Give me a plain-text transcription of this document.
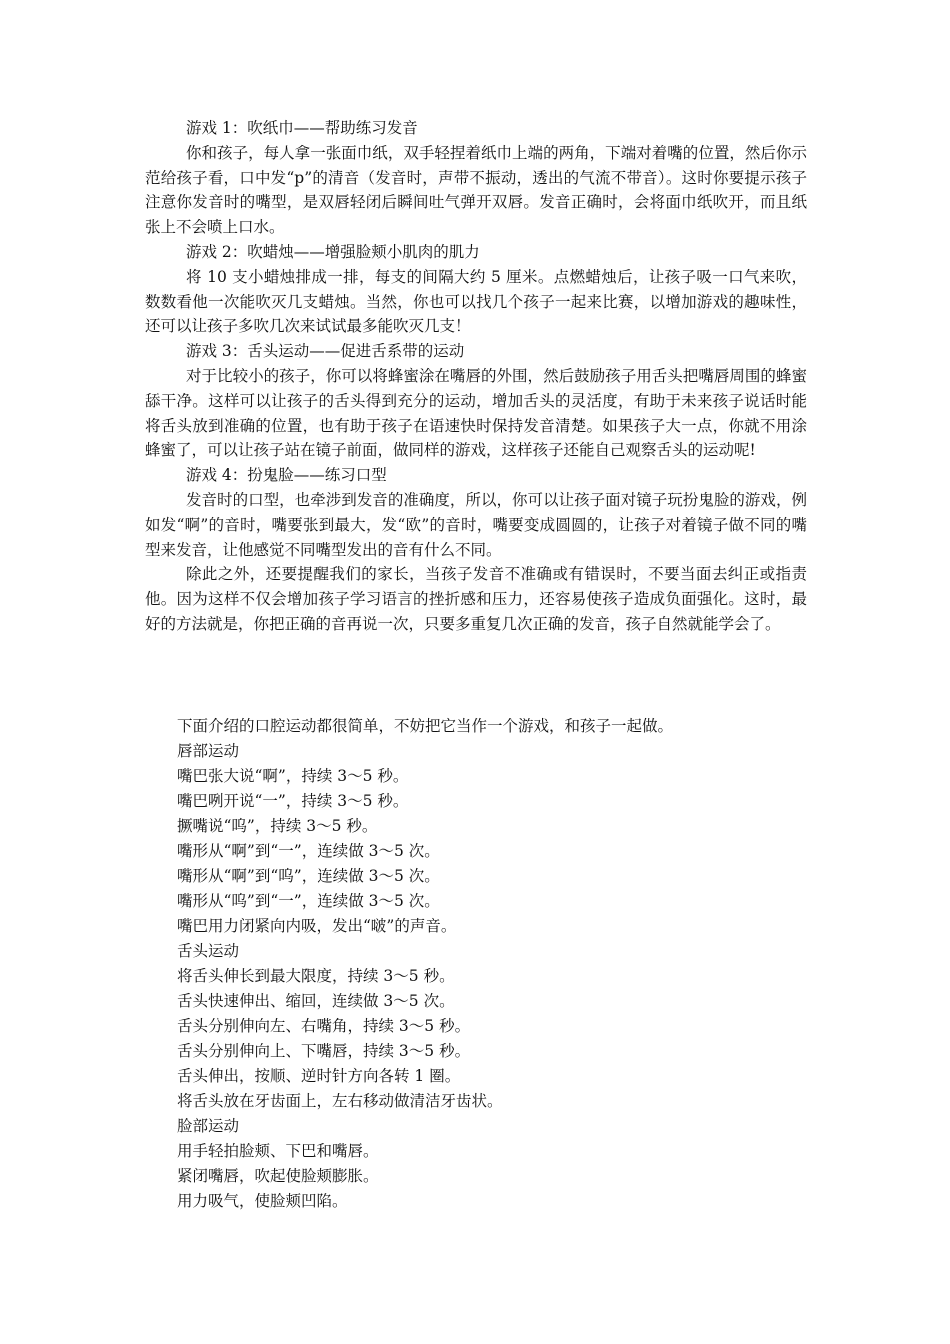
游戏 1：吹纸巾——帮助练习发音

你和孩子，每人拿一张面巾纸，双手轻捏着纸巾上端的两角，下端对着嘴的位置，然后你示范给孩子看，口中发“p”的清音（发音时，声带不振动，透出的气流不带音）。这时你要提示孩子注意你发音时的嘴型，是双唇轻闭后瞬间吐气弹开双唇。发音正确时，会将面巾纸吹开，而且纸张上不会喷上口水。

游戏 2：吹蜡烛——增强脸颊小肌肉的肌力

将 10 支小蜡烛排成一排，每支的间隔大约 5 厘米。点燃蜡烛后，让孩子吸一口气来吹，数数看他一次能吹灭几支蜡烛。当然，你也可以找几个孩子一起来比赛，以增加游戏的趣味性，还可以让孩子多吹几次来试试最多能吹灭几支！

游戏 3：舌头运动——促进舌系带的运动

对于比较小的孩子，你可以将蜂蜜涂在嘴唇的外围，然后鼓励孩子用舌头把嘴唇周围的蜂蜜舔干净。这样可以让孩子的舌头得到充分的运动，增加舌头的灵活度，有助于未来孩子说话时能将舌头放到准确的位置，也有助于孩子在语速快时保持发音清楚。如果孩子大一点，你就不用涂蜂蜜了，可以让孩子站在镜子前面，做同样的游戏，这样孩子还能自己观察舌头的运动呢!

游戏 4：扮鬼脸——练习口型

发音时的口型，也牵涉到发音的准确度，所以，你可以让孩子面对镜子玩扮鬼脸的游戏，例如发“啊”的音时，嘴要张到最大，发“欧”的音时，嘴要变成圆圆的，让孩子对着镜子做不同的嘴型来发音，让他感觉不同嘴型发出的音有什么不同。

除此之外，还要提醒我们的家长，当孩子发音不准确或有错误时，不要当面去纠正或指责他。因为这样不仅会增加孩子学习语言的挫折感和压力，还容易使孩子造成负面强化。这时，最好的方法就是，你把正确的音再说一次，只要多重复几次正确的发音，孩子自然就能学会了。

下面介绍的口腔运动都很简单，不妨把它当作一个游戏，和孩子一起做。

唇部运动

嘴巴张大说“啊”，持续 3～5 秒。

嘴巴咧开说“一”，持续 3～5 秒。

撅嘴说“呜”，持续 3～5 秒。

嘴形从“啊”到“一”，连续做 3～5 次。

嘴形从“啊”到“呜”，连续做 3～5 次。

嘴形从“呜”到“一”，连续做 3～5 次。

嘴巴用力闭紧向内吸，发出“啵”的声音。

舌头运动

将舌头伸长到最大限度，持续 3～5 秒。

舌头快速伸出、缩回，连续做 3～5 次。

舌头分别伸向左、右嘴角，持续 3～5 秒。

舌头分别伸向上、下嘴唇，持续 3～5 秒。

舌头伸出，按顺、逆时针方向各转 1 圈。

将舌头放在牙齿面上，左右移动做清洁牙齿状。

脸部运动

用手轻拍脸颊、下巴和嘴唇。

紧闭嘴唇，吹起使脸颊膨胀。

用力吸气，使脸颊凹陷。
